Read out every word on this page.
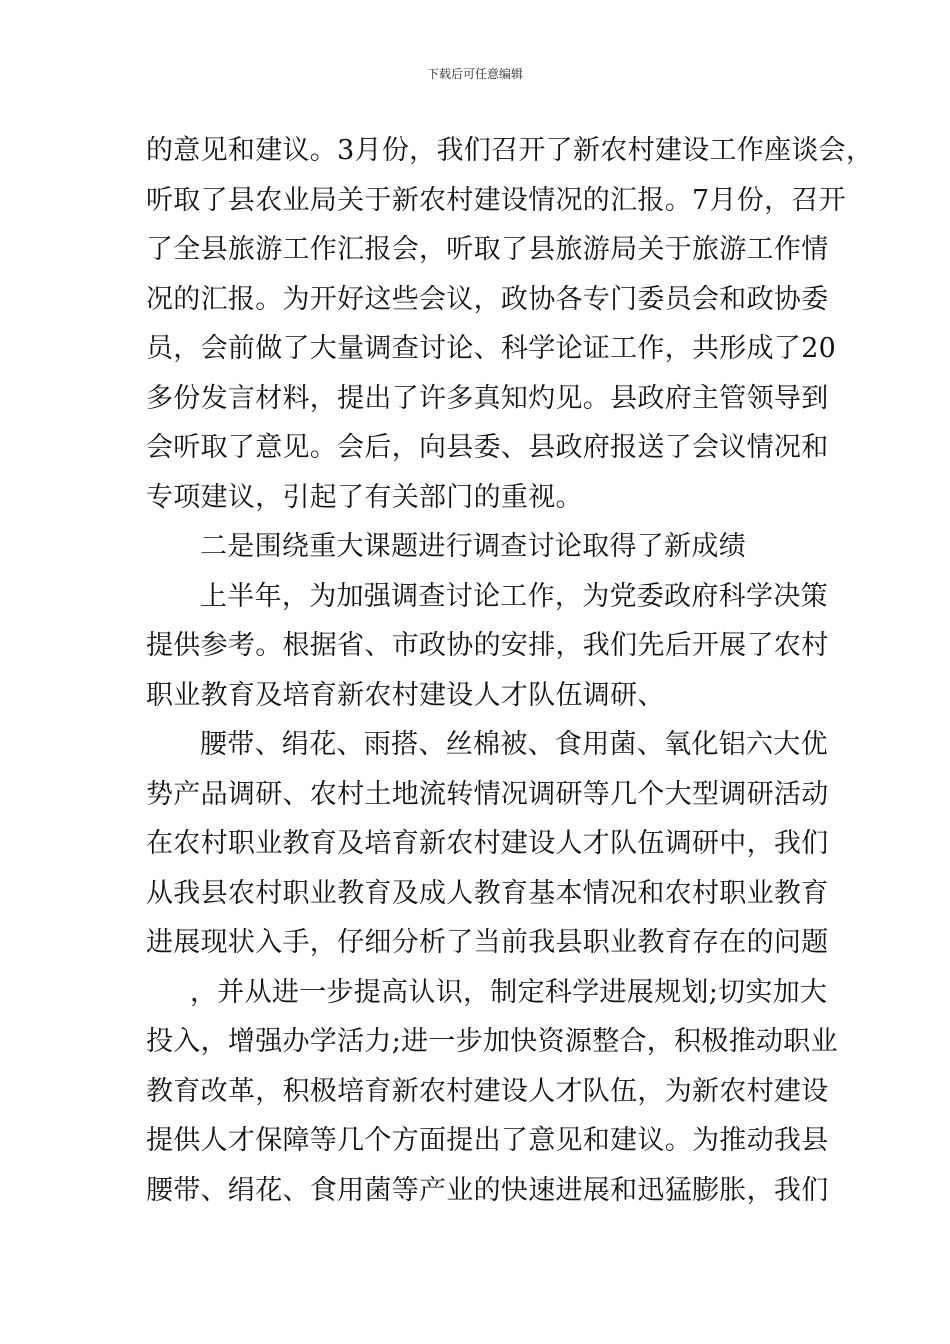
下载后可任意编辑
的意见和建议。3月份，我们召开了新农村建设工作座谈会，
听取了县农业局关于新农村建设情况的汇报。7月份，召开
了全县旅游工作汇报会，听取了县旅游局关于旅游工作情
况的汇报。为开好这些会议，政协各专门委员会和政协委
员，会前做了大量调查讨论、科学论证工作，共形成了20
多份发言材料，提出了许多真知灼见。县政府主管领导到
会听取了意见。会后，向县委、县政府报送了会议情况和
专项建议，引起了有关部门的重视。
二是围绕重大课题进行调查讨论取得了新成绩
上半年，为加强调查讨论工作，为党委政府科学决策
提供参考。根据省、市政协的安排，我们先后开展了农村
职业教育及培育新农村建设人才队伍调研、
腰带、绢花、雨搭、丝棉被、食用菌、氧化铝六大优
势产品调研、农村土地流转情况调研等几个大型调研活动
在农村职业教育及培育新农村建设人才队伍调研中，我们
从我县农村职业教育及成人教育基本情况和农村职业教育
进展现状入手，仔细分析了当前我县职业教育存在的问题
，并从进一步提高认识，制定科学进展规划;切实加大
投入，增强办学活力;进一步加快资源整合，积极推动职业
教育改革，积极培育新农村建设人才队伍，为新农村建设
提供人才保障等几个方面提出了意见和建议。为推动我县
腰带、绢花、食用菌等产业的快速进展和迅猛膨胀，我们
